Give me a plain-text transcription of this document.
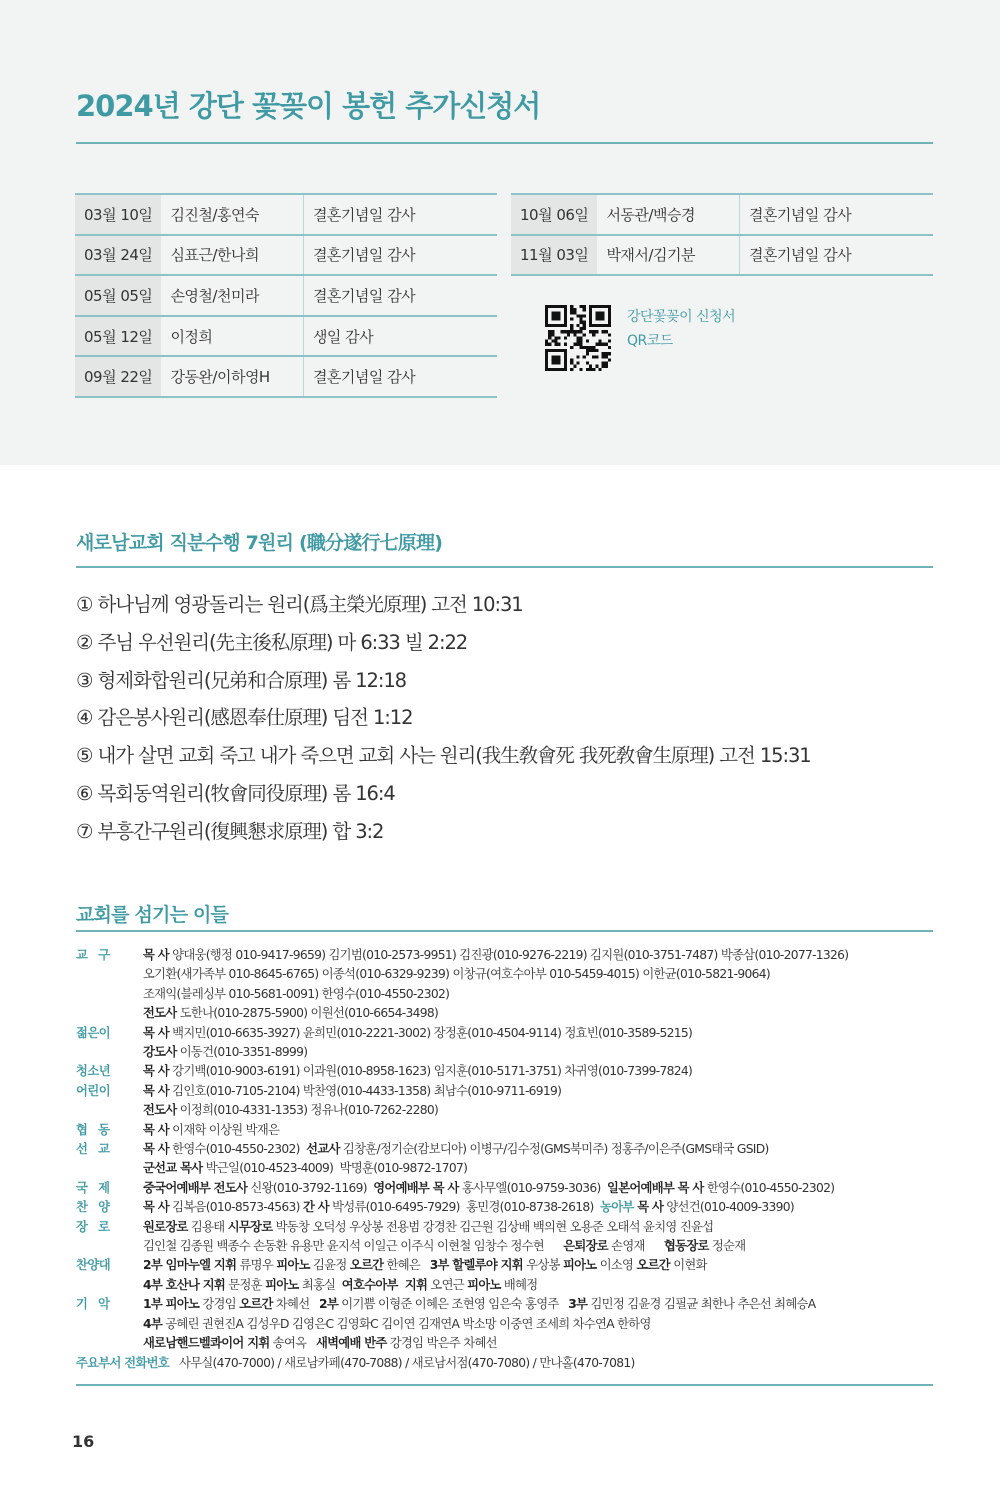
2024년 강단 꽃꽂이 봉헌 추가신청서
03월 10일	김진철/홍연숙	결혼기념일 감사
03월 24일	심표근/한나희	결혼기념일 감사
05월 05일	손영철/천미라	결혼기념일 감사
05월 12일	이정희	생일 감사
09월 22일	강동완/이하영H	결혼기념일 감사
10월 06일	서동관/백승경	결혼기념일 감사
11월 03일	박재서/김기분	결혼기념일 감사
강단꽃꽂이 신청서
QR코드
새로남교회 직분수행 7원리 (職分遂行七原理)
① 하나님께 영광돌리는 원리(爲主榮光原理) 고전 10:31
② 주님 우선원리(先主後私原理) 마 6:33 빌 2:22
③ 형제화합원리(兄弟和合原理) 롬 12:18
④ 감은봉사원리(感恩奉仕原理) 딤전 1:12
⑤ 내가 살면 교회 죽고 내가 죽으면 교회 사는 원리(我生敎會死 我死敎會生原理) 고전 15:31
⑥ 목회동역원리(牧會同役原理) 롬 16:4
⑦ 부흥간구원리(復興懇求原理) 합 3:2
교회를 섬기는 이들
교 구	목 사 양대웅(행정 010-9417-9659) 김기범(010-2573-9951) 김진광(010-9276-2219) 김지원(010-3751-7487) 박종삼(010-2077-1326)
오기환(새가족부 010-8645-6765) 이종석(010-6329-9239) 이창규(여호수아부 010-5459-4015) 이한균(010-5821-9064)
조재익(블레싱부 010-5681-0091) 한영수(010-4550-2302)
전도사 도한나(010-2875-5900) 이원선(010-6654-3498)
젊은이	목 사 백지민(010-6635-3927) 윤희민(010-2221-3002) 장정훈(010-4504-9114) 정효빈(010-3589-5215)
강도사 이동건(010-3351-8999)
청소년	목 사 강기백(010-9003-6191) 이과원(010-8958-1623) 임지훈(010-5171-3751) 차귀영(010-7399-7824)
어린이	목 사 김인호(010-7105-2104) 박찬영(010-4433-1358) 최남수(010-9711-6919)
전도사 이정희(010-4331-1353) 정유나(010-7262-2280)
협 동	목 사 이재학 이상원 박재은
선 교	목 사 한영수(010-4550-2302)  선교사 김창훈/정기순(캄보디아) 이병구/김수정(GMS북미주) 정홍주/이은주(GMS태국 GSID)
군선교 목사 박근일(010-4523-4009)  박명훈(010-9872-1707)
국 제	중국어예배부 전도사 신왕(010-3792-1169)  영어예배부 목 사 홍사무엘(010-9759-3036)  일본어예배부 목 사 한영수(010-4550-2302)
찬 양	목 사 김복음(010-8573-4563) 간 사 박성류(010-6495-7929)  홍민경(010-8738-2618)  농아부 목 사 양선건(010-4009-3390)
장 로	원로장로 김용태 시무장로 박동창 오덕성 우상봉 전용범 강경찬 김근원 김상배 백의현 오용준 오태석 윤치영 진윤섭
김인철 김종원 백종수 손동환 유용만 윤지석 이일근 이주식 이현철 임창수 정수현      은퇴장로 손영재      협동장로 정순재
찬양대	2부 임마누엘 지휘 류명우 피아노 김윤정 오르간 한혜은   3부 할렐루야 지휘 우상봉 피아노 이소영 오르간 이현화
4부 호산나 지휘 문정훈 피아노 최홍실  여호수아부  지휘 오연근 피아노 배혜정
기 악	1부 피아노 강경임 오르간 차혜선   2부 이기쁨 이형준 이혜은 조현영 임은숙 홍영주   3부 김민정 김윤경 김필균 최한나 추은선 최혜승A
4부 공혜린 권현진A 김성우D 김영은C 김영화C 김이연 김재연A 박소망 이중연 조세희 차수연A 한하영
새로남핸드벨콰이어 지휘 송여옥   새벽예배 반주 강경임 박은주 차혜선
주요부서 전화번호 사무실(470-7000) / 새로남카페(470-7088) / 새로남서점(470-7080) / 만나홀(470-7081)
16
